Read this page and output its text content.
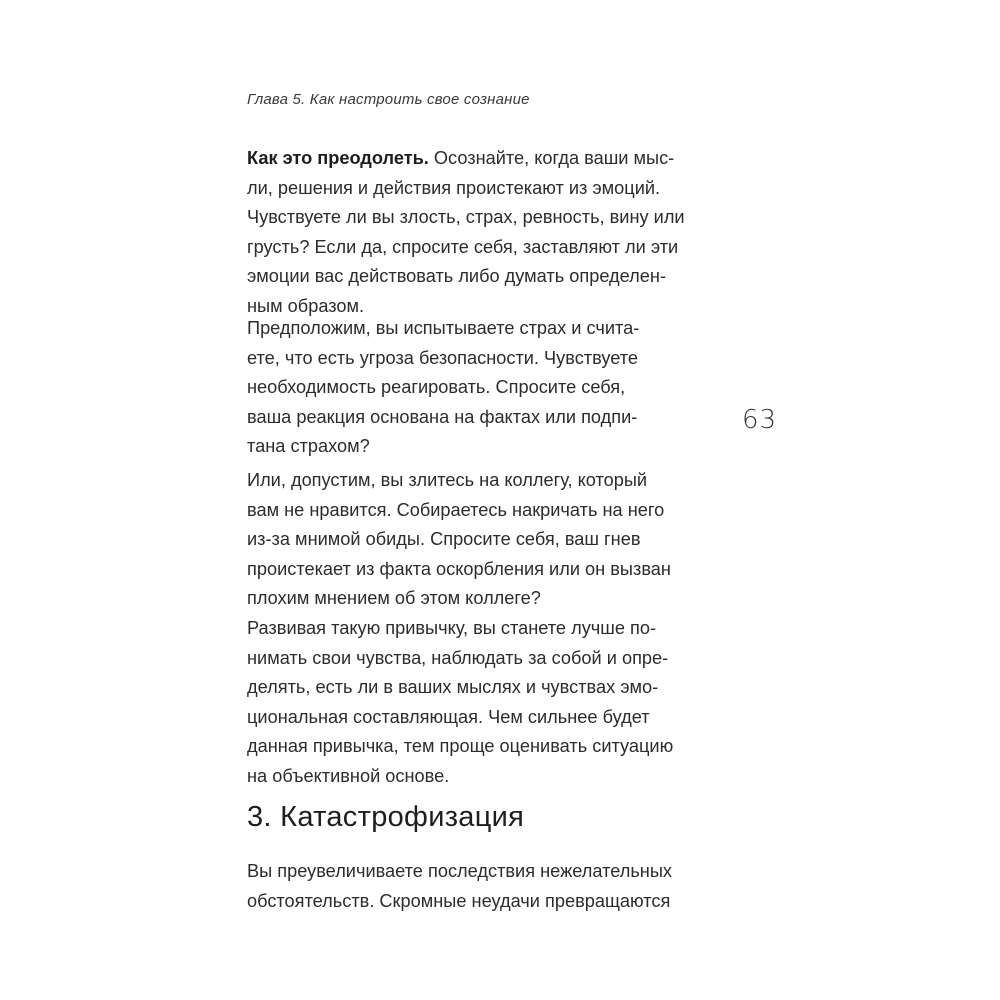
Глава 5. Как настроить свое сознание
63

Как это преодолеть. Осознайте, когда ваши мыс-
ли, решения и действия проистекают из эмоций.
Чувствуете ли вы злость, страх, ревность, вину или
грусть? Если да, спросите себя, заставляют ли эти
эмоции вас действовать либо думать определен-
ным образом.

Предположим, вы испытываете страх и счита-
ете, что есть угроза безопасности. Чувствуете
необходимость реагировать. Спросите себя,
ваша реакция основана на фактах или подпи-
тана страхом?

Или, допустим, вы злитесь на коллегу, который
вам не нравится. Собираетесь накричать на него
из-за мнимой обиды. Спросите себя, ваш гнев
проистекает из факта оскорбления или он вызван
плохим мнением об этом коллеге?

Развивая такую привычку, вы станете лучше по-
нимать свои чувства, наблюдать за собой и опре-
делять, есть ли в ваших мыслях и чувствах эмо-
циональная составляющая. Чем сильнее будет
данная привычка, тем проще оценивать ситуацию
на объективной основе.

3. Катастрофизация

Вы преувеличиваете последствия нежелательных
обстоятельств. Скромные неудачи превращаются
